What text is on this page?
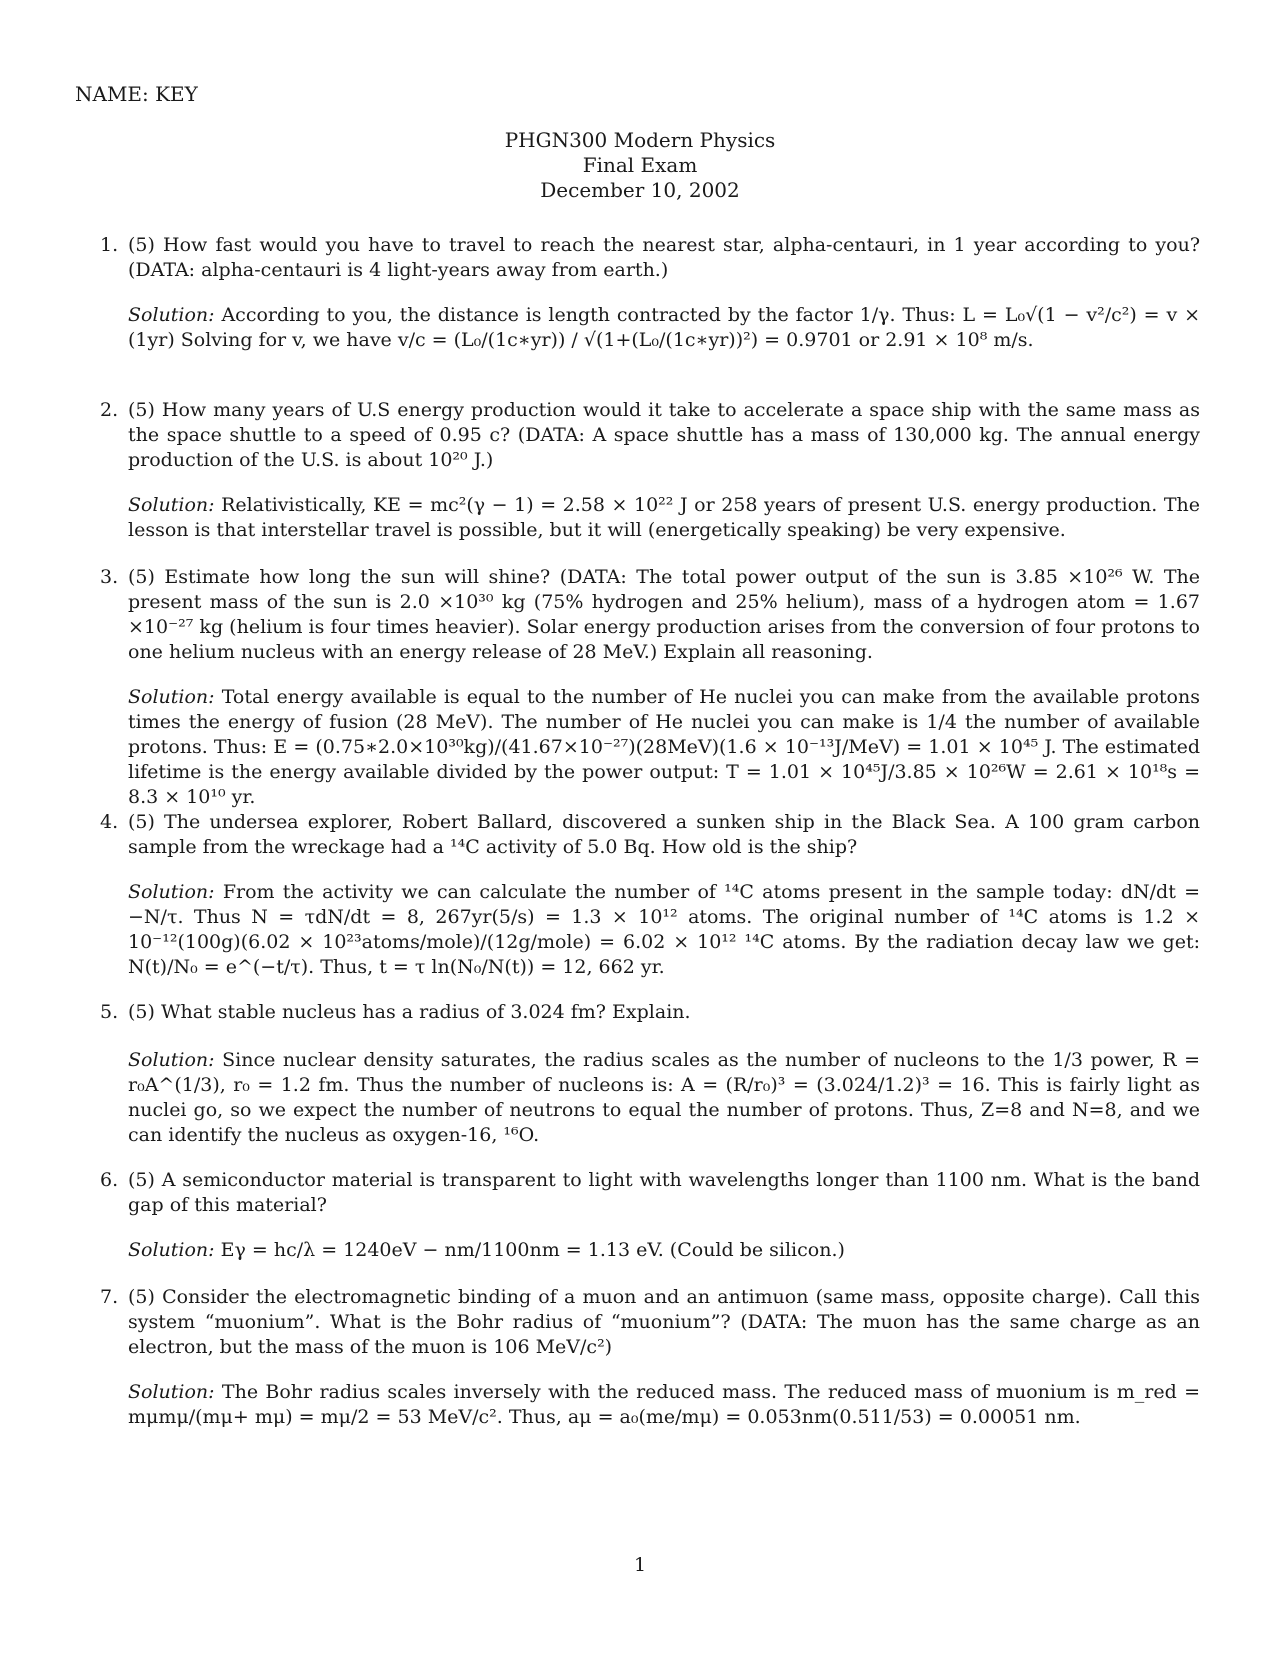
NAME: KEY
PHGN300 Modern Physics
Final Exam
December 10, 2002
1. (5) How fast would you have to travel to reach the nearest star, alpha-centauri, in 1 year according to you? (DATA: alpha-centauri is 4 light-years away from earth.)
Solution: According to you, the distance is length contracted by the factor 1/γ. Thus: L = L₀√(1 − v²/c²) = v × (1yr) Solving for v, we have v/c = (L₀/(1c∗yr)) / √(1+(L₀/(1c∗yr))²) = 0.9701 or 2.91 × 10⁸ m/s.
2. (5) How many years of U.S energy production would it take to accelerate a space ship with the same mass as the space shuttle to a speed of 0.95 c? (DATA: A space shuttle has a mass of 130,000 kg. The annual energy production of the U.S. is about 10²⁰ J.)
Solution: Relativistically, KE = mc²(γ − 1) = 2.58 × 10²² J or 258 years of present U.S. energy production. The lesson is that interstellar travel is possible, but it will (energetically speaking) be very expensive.
3. (5) Estimate how long the sun will shine? (DATA: The total power output of the sun is 3.85 ×10²⁶ W. The present mass of the sun is 2.0 ×10³⁰ kg (75% hydrogen and 25% helium), mass of a hydrogen atom = 1.67 ×10⁻²⁷ kg (helium is four times heavier). Solar energy production arises from the conversion of four protons to one helium nucleus with an energy release of 28 MeV.) Explain all reasoning.
Solution: Total energy available is equal to the number of He nuclei you can make from the available protons times the energy of fusion (28 MeV). The number of He nuclei you can make is 1/4 the number of available protons. Thus: E = (0.75∗2.0×10³⁰kg)/(41.67×10⁻²⁷)(28MeV)(1.6 × 10⁻¹³J/MeV) = 1.01 × 10⁴⁵ J. The estimated lifetime is the energy available divided by the power output: T = 1.01 × 10⁴⁵J/3.85 × 10²⁶W = 2.61 × 10¹⁸s = 8.3 × 10¹⁰ yr.
4. (5) The undersea explorer, Robert Ballard, discovered a sunken ship in the Black Sea. A 100 gram carbon sample from the wreckage had a ¹⁴C activity of 5.0 Bq. How old is the ship?
Solution: From the activity we can calculate the number of ¹⁴C atoms present in the sample today: dN/dt = −N/τ. Thus N = τdN/dt = 8, 267yr(5/s) = 1.3 × 10¹² atoms. The original number of ¹⁴C atoms is 1.2 × 10⁻¹²(100g)(6.02 × 10²³atoms/mole)/(12g/mole) = 6.02 × 10¹² ¹⁴C atoms. By the radiation decay law we get: N(t)/N₀ = e^(−t/τ). Thus, t = τ ln(N₀/N(t)) = 12, 662 yr.
5. (5) What stable nucleus has a radius of 3.024 fm? Explain.
Solution: Since nuclear density saturates, the radius scales as the number of nucleons to the 1/3 power, R = r₀A^(1/3), r₀ = 1.2 fm. Thus the number of nucleons is: A = (R/r₀)³ = (3.024/1.2)³ = 16. This is fairly light as nuclei go, so we expect the number of neutrons to equal the number of protons. Thus, Z=8 and N=8, and we can identify the nucleus as oxygen-16, ¹⁶O.
6. (5) A semiconductor material is transparent to light with wavelengths longer than 1100 nm. What is the band gap of this material?
Solution: Eγ = hc/λ = 1240eV − nm/1100nm = 1.13 eV. (Could be silicon.)
7. (5) Consider the electromagnetic binding of a muon and an antimuon (same mass, opposite charge). Call this system “muonium”. What is the Bohr radius of “muonium”? (DATA: The muon has the same charge as an electron, but the mass of the muon is 106 MeV/c²)
Solution: The Bohr radius scales inversely with the reduced mass. The reduced mass of muonium is m_red = mμmμ/(mμ+ mμ) = mμ/2 = 53 MeV/c². Thus, aμ = a₀(me/mμ) = 0.053nm(0.511/53) = 0.00051 nm.
1
